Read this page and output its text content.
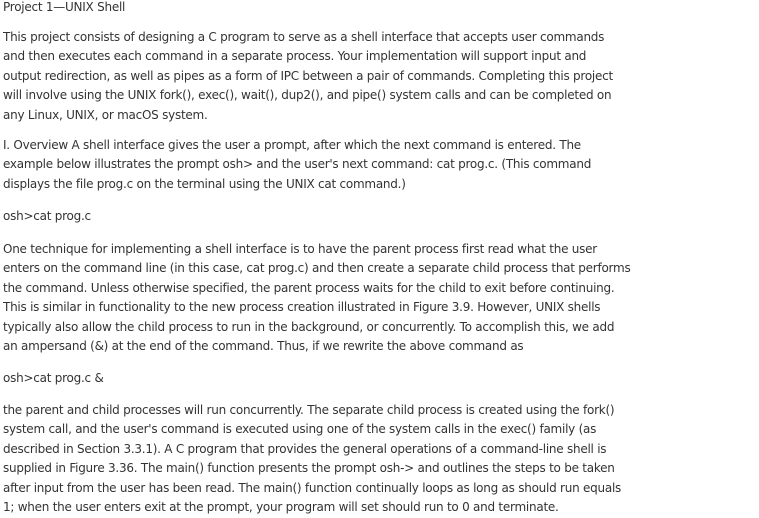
Project 1—UNIX Shell

This project consists of designing a C program to serve as a shell interface that accepts user commands
and then executes each command in a separate process. Your implementation will support input and
output redirection, as well as pipes as a form of IPC between a pair of commands. Completing this project
will involve using the UNIX fork(), exec(), wait(), dup2(), and pipe() system calls and can be completed on
any Linux, UNIX, or macOS system.

I. Overview A shell interface gives the user a prompt, after which the next command is entered. The
example below illustrates the prompt osh> and the user's next command: cat prog.c. (This command
displays the file prog.c on the terminal using the UNIX cat command.)

osh>cat prog.c

One technique for implementing a shell interface is to have the parent process first read what the user
enters on the command line (in this case, cat prog.c) and then create a separate child process that performs
the command. Unless otherwise specified, the parent process waits for the child to exit before continuing.
This is similar in functionality to the new process creation illustrated in Figure 3.9. However, UNIX shells
typically also allow the child process to run in the background, or concurrently. To accomplish this, we add
an ampersand (&) at the end of the command. Thus, if we rewrite the above command as

osh>cat prog.c &

the parent and child processes will run concurrently. The separate child process is created using the fork()
system call, and the user's command is executed using one of the system calls in the exec() family (as
described in Section 3.3.1). A C program that provides the general operations of a command-line shell is
supplied in Figure 3.36. The main() function presents the prompt osh-> and outlines the steps to be taken
after input from the user has been read. The main() function continually loops as long as should run equals
1; when the user enters exit at the prompt, your program will set should run to 0 and terminate.
